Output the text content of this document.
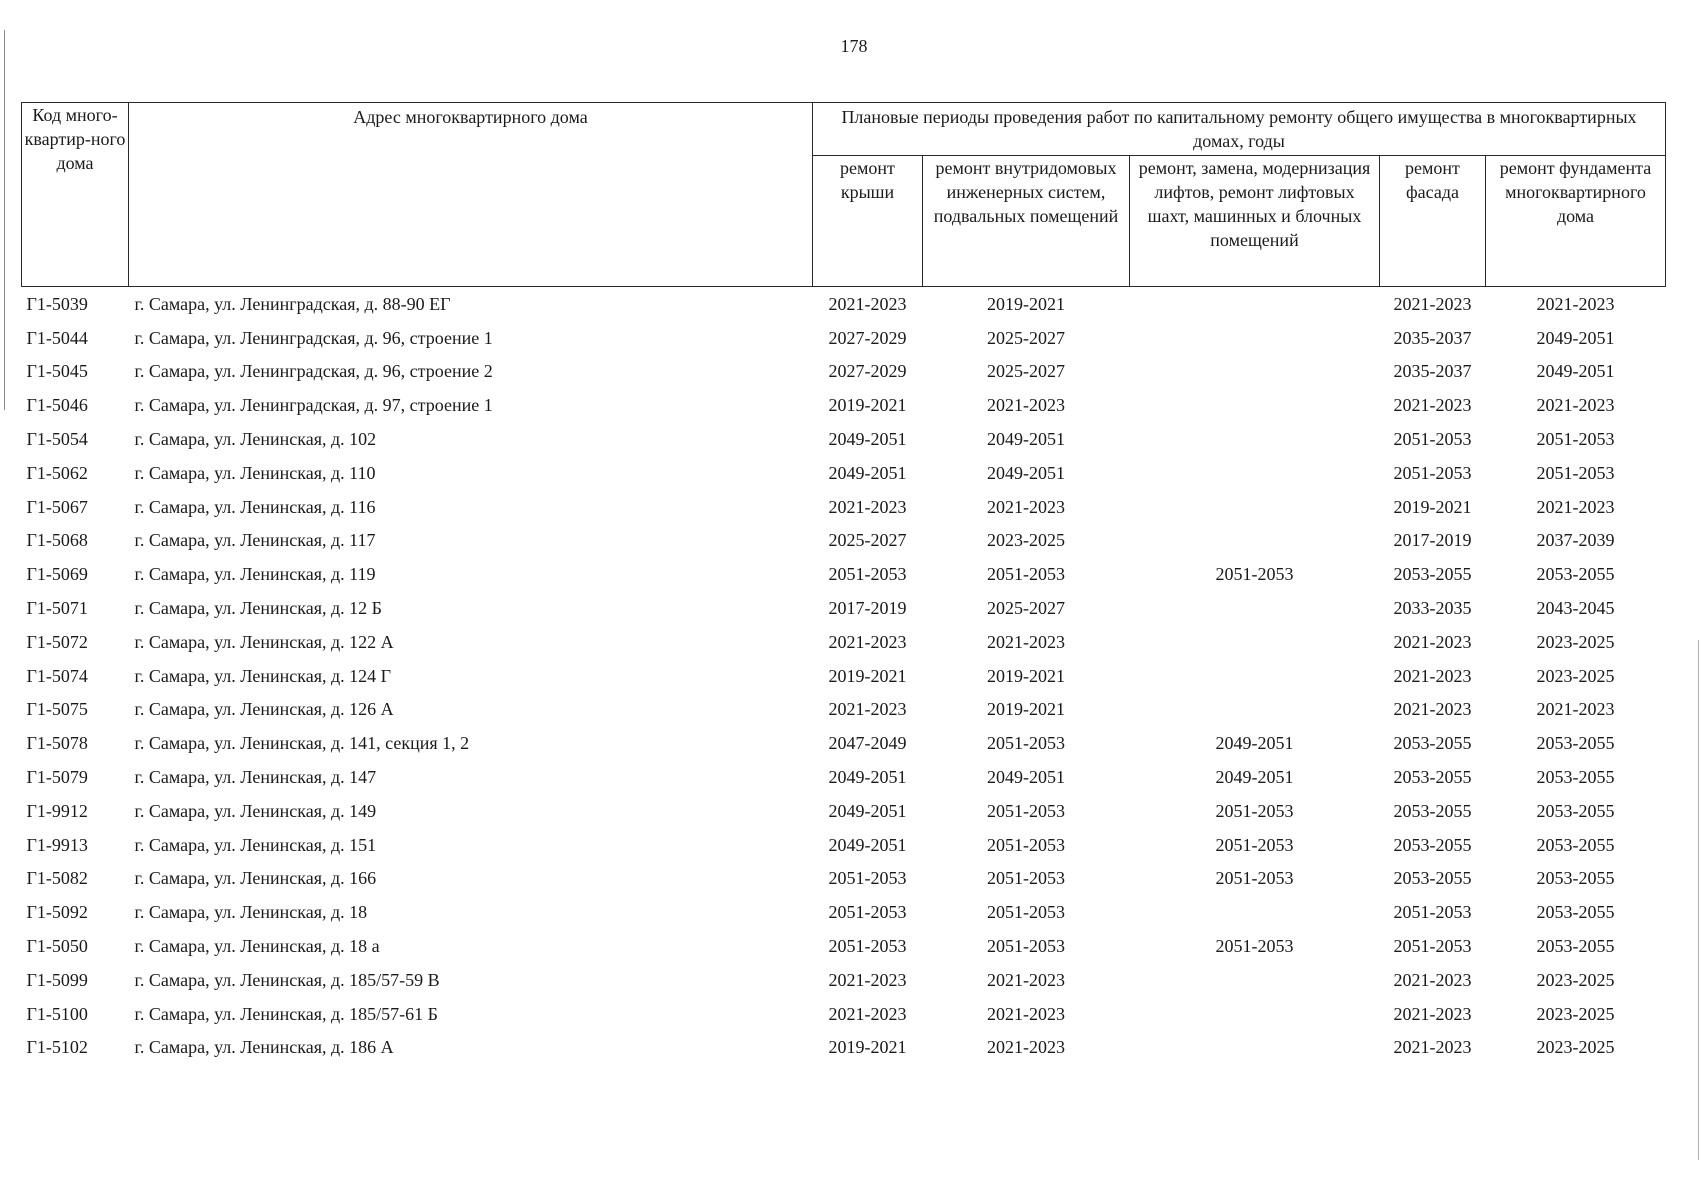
178
Код много-квартир-ного дома	Адрес многоквартирного дома	Плановые периоды проведения работ по капитальному ремонту общего имущества в многоквартирных домах, годы				
		ремонт крыши	ремонт внутридомовых инженерных систем, подвальных помещений	ремонт, замена, модернизация лифтов, ремонт лифтовых шахт, машинных и блочных помещений	ремонт фасада	ремонт фундамента многоквартирного дома
Г1-5039	г. Самара, ул. Ленинградская, д. 88-90 ЕГ	2021-2023	2019-2021		2021-2023	2021-2023
Г1-5044	г. Самара, ул. Ленинградская, д. 96, строение 1	2027-2029	2025-2027		2035-2037	2049-2051
Г1-5045	г. Самара, ул. Ленинградская, д. 96, строение 2	2027-2029	2025-2027		2035-2037	2049-2051
Г1-5046	г. Самара, ул. Ленинградская, д. 97, строение 1	2019-2021	2021-2023		2021-2023	2021-2023
Г1-5054	г. Самара, ул. Ленинская, д. 102	2049-2051	2049-2051		2051-2053	2051-2053
Г1-5062	г. Самара, ул. Ленинская, д. 110	2049-2051	2049-2051		2051-2053	2051-2053
Г1-5067	г. Самара, ул. Ленинская, д. 116	2021-2023	2021-2023		2019-2021	2021-2023
Г1-5068	г. Самара, ул. Ленинская, д. 117	2025-2027	2023-2025		2017-2019	2037-2039
Г1-5069	г. Самара, ул. Ленинская, д. 119	2051-2053	2051-2053	2051-2053	2053-2055	2053-2055
Г1-5071	г. Самара, ул. Ленинская, д. 12 Б	2017-2019	2025-2027		2033-2035	2043-2045
Г1-5072	г. Самара, ул. Ленинская, д. 122 А	2021-2023	2021-2023		2021-2023	2023-2025
Г1-5074	г. Самара, ул. Ленинская, д. 124 Г	2019-2021	2019-2021		2021-2023	2023-2025
Г1-5075	г. Самара, ул. Ленинская, д. 126 А	2021-2023	2019-2021		2021-2023	2021-2023
Г1-5078	г. Самара, ул. Ленинская, д. 141, секция 1, 2	2047-2049	2051-2053	2049-2051	2053-2055	2053-2055
Г1-5079	г. Самара, ул. Ленинская, д. 147	2049-2051	2049-2051	2049-2051	2053-2055	2053-2055
Г1-9912	г. Самара, ул. Ленинская, д. 149	2049-2051	2051-2053	2051-2053	2053-2055	2053-2055
Г1-9913	г. Самара, ул. Ленинская, д. 151	2049-2051	2051-2053	2051-2053	2053-2055	2053-2055
Г1-5082	г. Самара, ул. Ленинская, д. 166	2051-2053	2051-2053	2051-2053	2053-2055	2053-2055
Г1-5092	г. Самара, ул. Ленинская, д. 18	2051-2053	2051-2053		2051-2053	2053-2055
Г1-5050	г. Самара, ул. Ленинская, д. 18 а	2051-2053	2051-2053	2051-2053	2051-2053	2053-2055
Г1-5099	г. Самара, ул. Ленинская, д. 185/57-59 В	2021-2023	2021-2023		2021-2023	2023-2025
Г1-5100	г. Самара, ул. Ленинская, д. 185/57-61 Б	2021-2023	2021-2023		2021-2023	2023-2025
Г1-5102	г. Самара, ул. Ленинская, д. 186 А	2019-2021	2021-2023		2021-2023	2023-2025
